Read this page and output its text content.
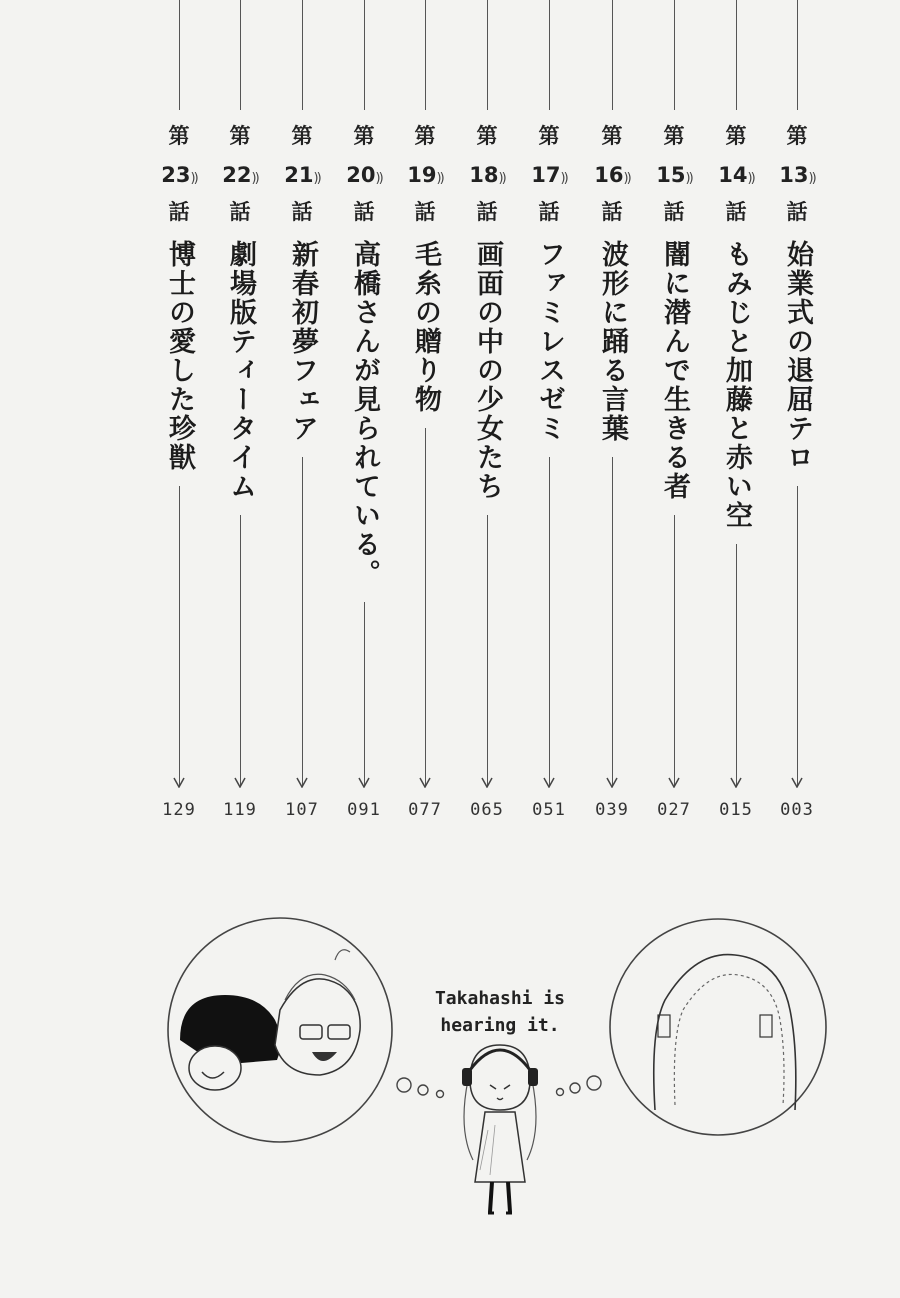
第
13))
話
始業式の退屈テロ
003
第
14))
話
もみじと加藤と赤い空
015
第
15))
話
闇に潜んで生きる者
027
第
16))
話
波形に踊る言葉
039
第
17))
話
ファミレスゼミ
051
第
18))
話
画面の中の少女たち
065
第
19))
話
毛糸の贈り物
077
第
20))
話
高橋さんが見られている。
091
第
21))
話
新春初夢フェア
107
第
22))
話
劇場版ティータイム
119
第
23))
話
博士の愛した珍獣
129
Takahashi is
hearing it.
